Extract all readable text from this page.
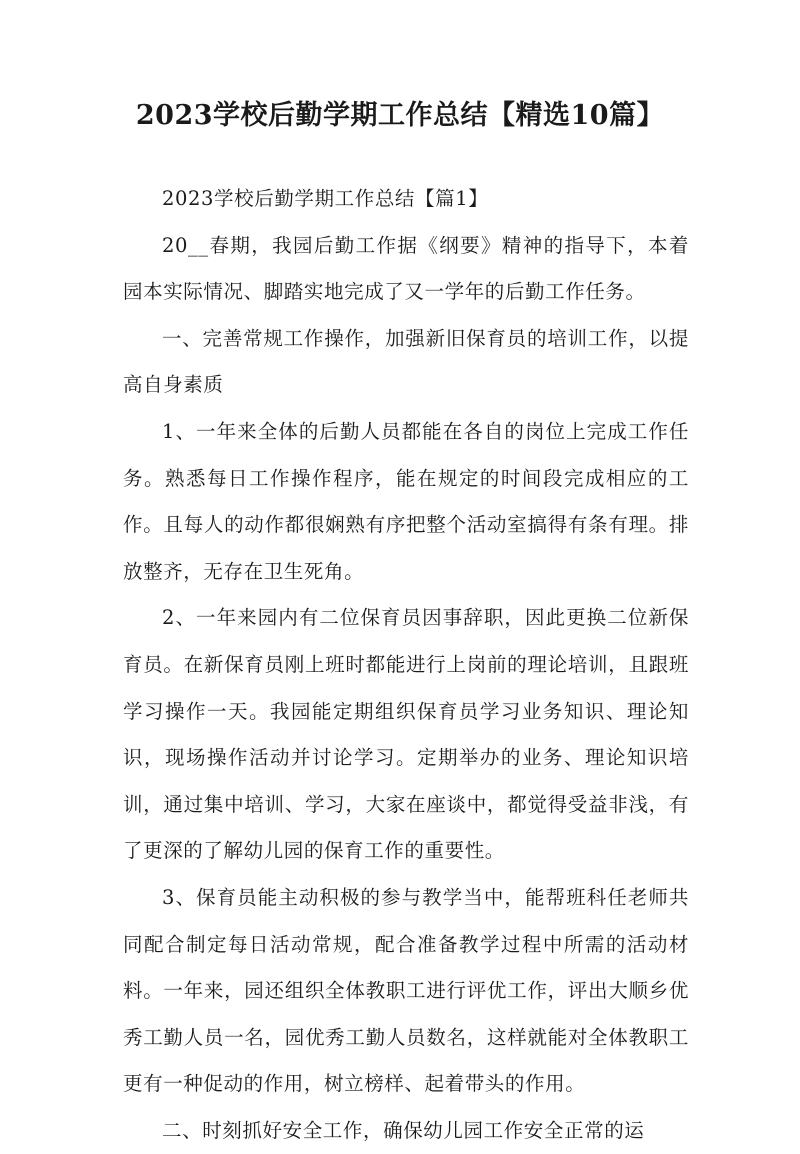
2023学校后勤学期工作总结【精选10篇】

2023学校后勤学期工作总结【篇1】

20__春期，我园后勤工作据《纲要》精神的指导下，本着园本实际情况、脚踏实地完成了又一学年的后勤工作任务。

一、完善常规工作操作，加强新旧保育员的培训工作，以提高自身素质

1、一年来全体的后勤人员都能在各自的岗位上完成工作任务。熟悉每日工作操作程序，能在规定的时间段完成相应的工作。且每人的动作都很娴熟有序把整个活动室搞得有条有理。排放整齐，无存在卫生死角。

2、一年来园内有二位保育员因事辞职，因此更换二位新保育员。在新保育员刚上班时都能进行上岗前的理论培训，且跟班学习操作一天。我园能定期组织保育员学习业务知识、理论知识，现场操作活动并讨论学习。定期举办的业务、理论知识培训，通过集中培训、学习，大家在座谈中，都觉得受益非浅，有了更深的了解幼儿园的保育工作的重要性。

3、保育员能主动积极的参与教学当中，能帮班科任老师共同配合制定每日活动常规，配合准备教学过程中所需的活动材料。一年来，园还组织全体教职工进行评优工作，评出大顺乡优秀工勤人员一名，园优秀工勤人员数名，这样就能对全体教职工更有一种促动的作用，树立榜样、起着带头的作用。

二、时刻抓好安全工作，确保幼儿园工作安全正常的运
